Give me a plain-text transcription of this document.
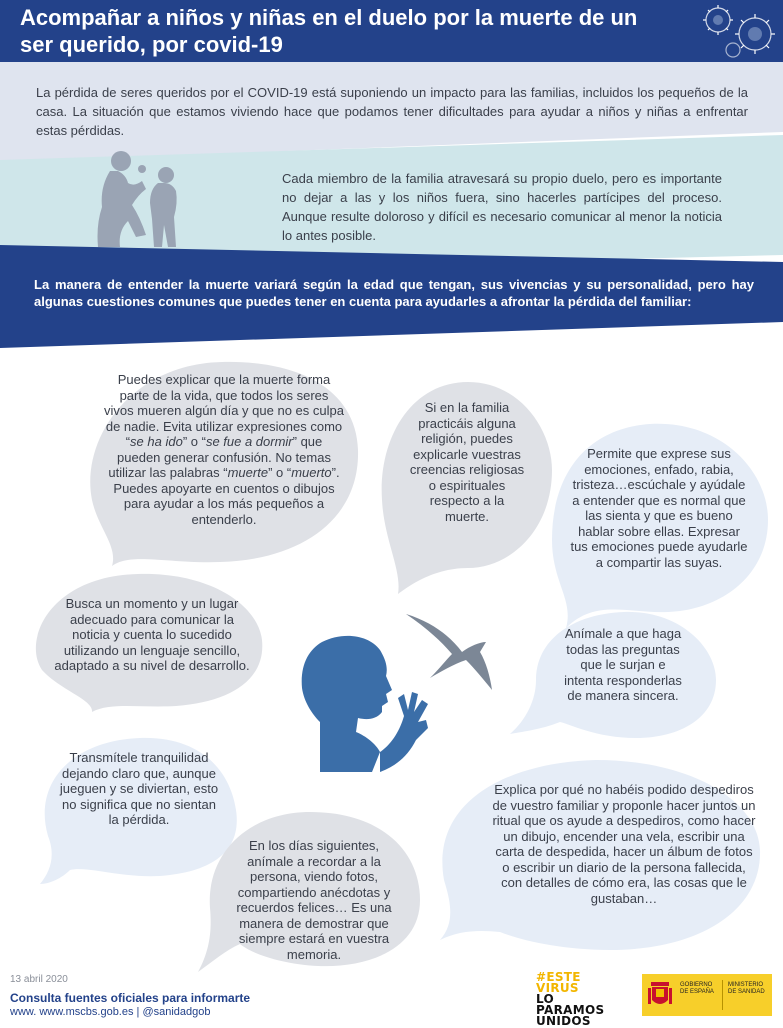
Acompañar a niños y niñas en el duelo por la muerte de un ser querido, por covid-19
La pérdida de seres queridos por el COVID-19 está suponiendo un impacto para las familias, incluidos los pequeños de la casa. La situación que estamos viviendo hace que podamos tener dificultades para ayudar a niños y niñas a enfrentar estas pérdidas.
Cada miembro de la familia atravesará su propio duelo, pero es importante no dejar a las y los niños fuera, sino hacerles partícipes del proceso. Aunque resulte doloroso y difícil es necesario comunicar al menor la noticia lo antes posible.
La manera de entender la muerte variará según la edad que tengan, sus vivencias y su personalidad, pero hay algunas cuestiones comunes que puedes tener en cuenta para ayudarles a afrontar la pérdida del familiar:
Puedes explicar que la muerte forma parte de la vida, que todos los seres vivos mueren algún día y que no es culpa de nadie. Evita utilizar expresiones como “se ha ido” o “se fue a dormir” que pueden generar confusión. No temas utilizar las palabras “muerte” o “muerto”. Puedes apoyarte en cuentos o dibujos para ayudar a los más pequeños a entenderlo.
Si en la familia practicáis alguna religión, puedes explicarle vuestras creencias religiosas o espirituales respecto a la muerte.
Permite que exprese sus emociones, enfado, rabia, tristeza…escúchale y ayúdale a entender que es normal que las sienta y que es bueno hablar sobre ellas. Expresar tus emociones puede ayudarle a compartir las suyas.
Busca un momento y un lugar adecuado para comunicar la noticia y cuenta lo sucedido utilizando un lenguaje sencillo, adaptado a su nivel de desarrollo.
Anímale a que haga todas las preguntas que le surjan e intenta responderlas de manera sincera.
Transmítele tranquilidad dejando claro que, aunque jueguen y se diviertan, esto no significa que no sientan la pérdida.
Explica por qué no habéis podido despediros de vuestro familiar y proponle hacer juntos un ritual que os ayude a despediros, como hacer un dibujo, encender una vela, escribir una carta de despedida, hacer un álbum de fotos o escribir un diario de la persona fallecida, con detalles de cómo era, las cosas que le gustaban…
En los días siguientes, anímale a recordar a la persona, viendo fotos, compartiendo anécdotas y recuerdos felices… Es una manera de demostrar que siempre estará en vuestra memoria.
13 abril 2020
Consulta fuentes oficiales para informarte
www. www.mscbs.gob.es | @sanidadgob
#ESTE
VIRUS
LO
PARAMOS
UNIDOS
GOBIERNO DE ESPAÑA
MINISTERIO DE SANIDAD
